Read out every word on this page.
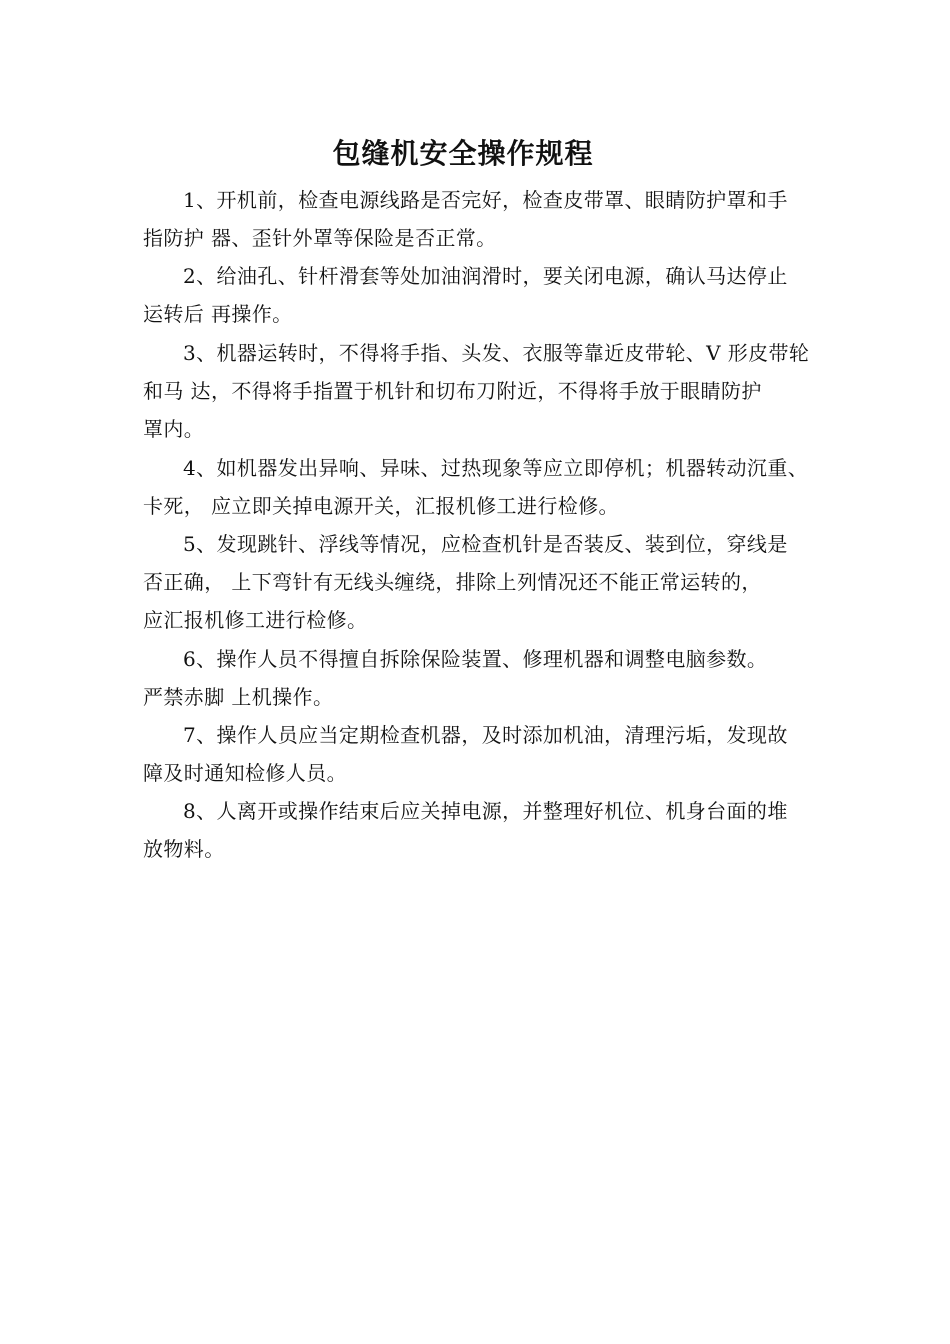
包缝机安全操作规程
1、开机前，检查电源线路是否完好，检查皮带罩、眼睛防护罩和手
指防护 器、歪针外罩等保险是否正常。
2、给油孔、针杆滑套等处加油润滑时，要关闭电源，确认马达停止
运转后 再操作。
3、机器运转时，不得将手指、头发、衣服等靠近皮带轮、V 形皮带轮
和马 达，不得将手指置于机针和切布刀附近，不得将手放于眼睛防护
罩内。
4、如机器发出异响、异味、过热现象等应立即停机；机器转动沉重、
卡死， 应立即关掉电源开关，汇报机修工进行检修。
5、发现跳针、浮线等情况，应检查机针是否装反、装到位，穿线是
否正确， 上下弯针有无线头缠绕，排除上列情况还不能正常运转的，
应汇报机修工进行检修。
6、操作人员不得擅自拆除保险装置、修理机器和调整电脑参数。
严禁赤脚 上机操作。
7、操作人员应当定期检查机器，及时添加机油，清理污垢，发现故
障及时通知检修人员。
8、人离开或操作结束后应关掉电源，并整理好机位、机身台面的堆
放物料。
